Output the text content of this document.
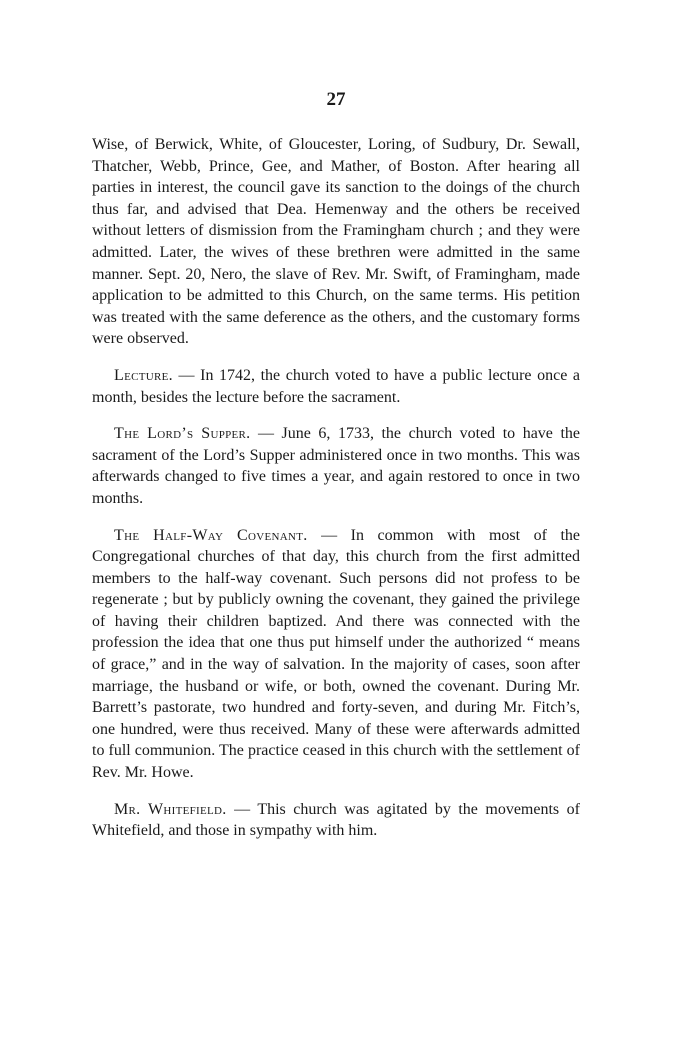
27

Wise, of Berwick, White, of Gloucester, Loring, of Sudbury, Dr. Sewall, Thatcher, Webb, Prince, Gee, and Mather, of Boston. After hearing all parties in interest, the council gave its sanction to the doings of the church thus far, and advised that Dea. Hemenway and the others be received without letters of dismission from the Framingham church ; and they were admitted. Later, the wives of these brethren were admitted in the same manner. Sept. 20, Nero, the slave of Rev. Mr. Swift, of Framingham, made application to be admitted to this Church, on the same terms. His petition was treated with the same deference as the others, and the customary forms were observed.

Lecture. — In 1742, the church voted to have a public lecture once a month, besides the lecture before the sacrament.

The Lord’s Supper. — June 6, 1733, the church voted to have the sacrament of the Lord’s Supper administered once in two months. This was afterwards changed to five times a year, and again restored to once in two months.

The Half-Way Covenant. — In common with most of the Congregational churches of that day, this church from the first admitted members to the half-way covenant. Such persons did not profess to be regenerate ; but by publicly owning the covenant, they gained the privilege of having their children baptized. And there was connected with the profession the idea that one thus put himself under the authorized “ means of grace,” and in the way of salvation. In the majority of cases, soon after marriage, the husband or wife, or both, owned the covenant. During Mr. Barrett’s pastorate, two hundred and forty-seven, and during Mr. Fitch’s, one hundred, were thus received. Many of these were afterwards admitted to full communion. The practice ceased in this church with the settlement of Rev. Mr. Howe.

Mr. Whitefield. — This church was agitated by the movements of Whitefield, and those in sympathy with him.
